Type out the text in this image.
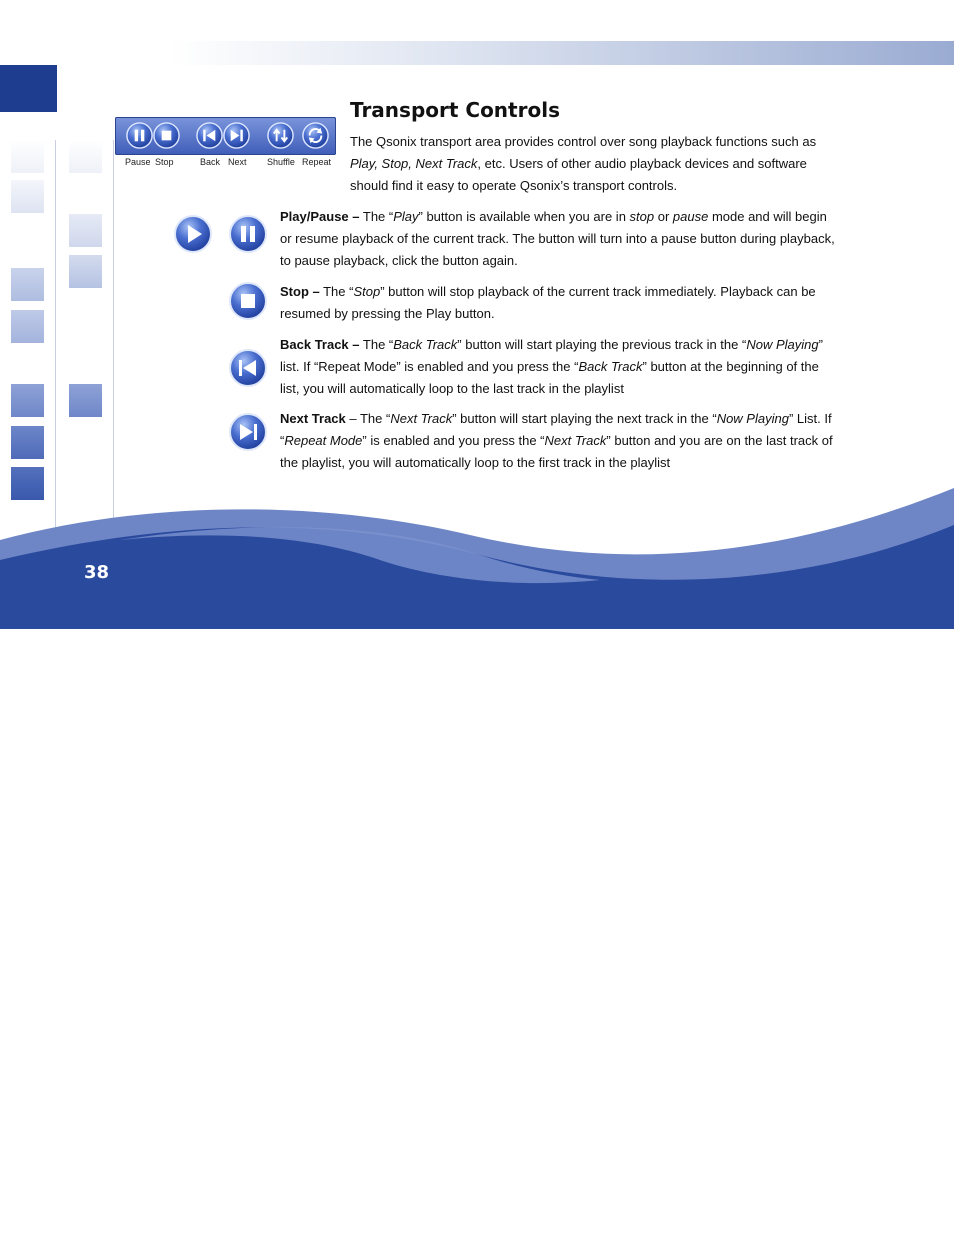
38
Pause Stop	Back Next Shuffle Repeat
Transport Controls

The Qsonix transport area provides control over song playback functions such as Play, Stop, Next Track, etc. Users of other audio playback devices and software should find it easy to operate Qsonix’s transport controls.

Play/Pause – The “Play” button is available when you are in stop or pause mode and will begin or resume playback of the current track. The button will turn into a pause button during playback, to pause playback, click the button again.

Stop – The “Stop” button will stop playback of the current track immediately. Playback can be resumed by pressing the Play button.

Back Track – The “Back Track” button will start playing the previous track in the “Now Playing” list. If “Repeat Mode” is enabled and you press the “Back Track” button at the beginning of the list, you will automatically loop to the last track in the playlist

Next Track – The “Next Track” button will start playing the next track in the “Now Playing” List. If “Repeat Mode” is enabled and you press the “Next Track” button and you are on the last track of the playlist, you will automatically loop to the first track in the playlist
